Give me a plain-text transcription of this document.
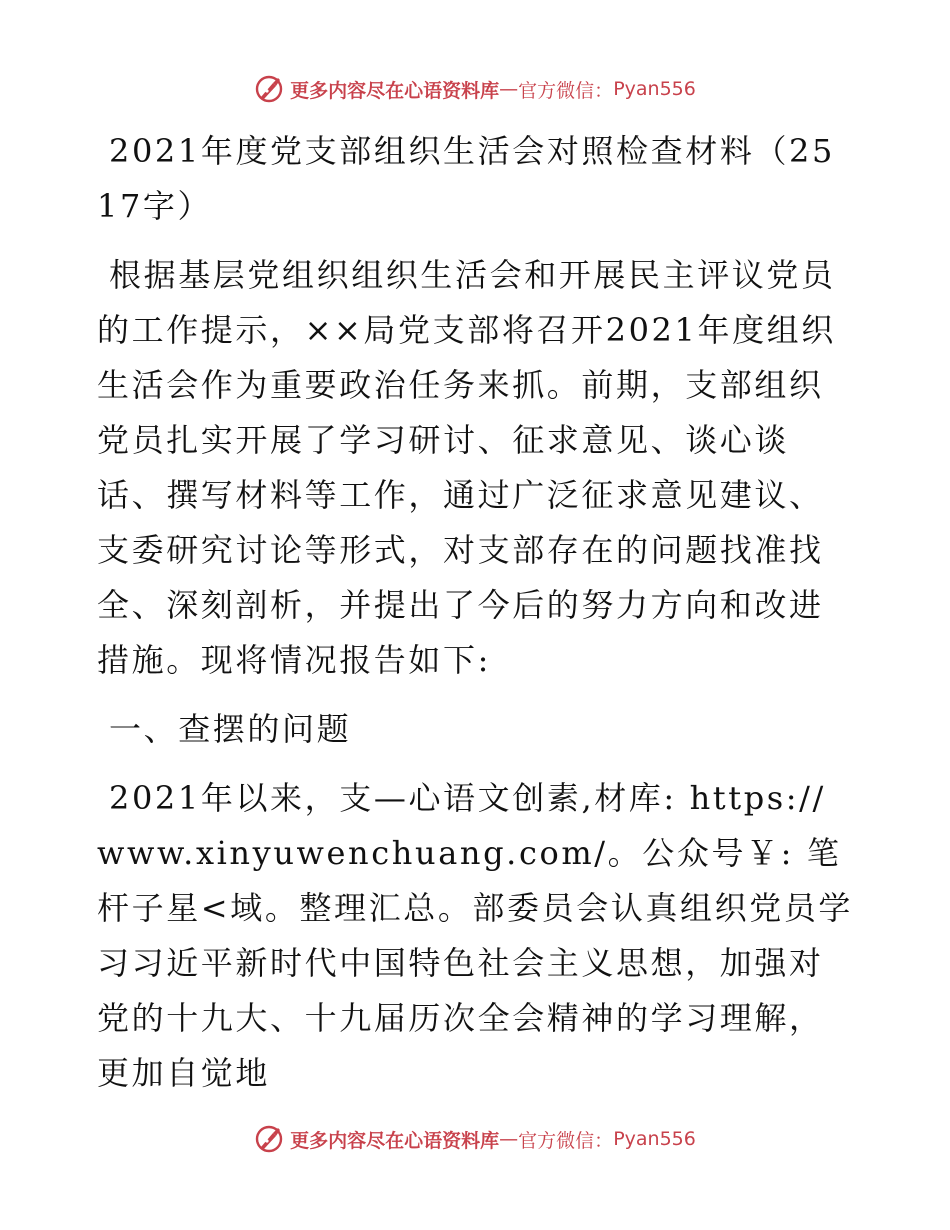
更多内容尽在心语资料库 — 官方微信： Pyan556

2021年度党支部组织生活会对照检查材料（2517字）

根据基层党组织组织生活会和开展民主评议党员的工作提示，××局党支部将召开2021年度组织生活会作为重要政治任务来抓。前期，支部组织党员扎实开展了学习研讨、征求意见、谈心谈话、撰写材料等工作，通过广泛征求意见建议、支委研究讨论等形式，对支部存在的问题找准找全、深刻剖析，并提出了今后的努力方向和改进措施。现将情况报告如下:

一、查摆的问题

2021年以来，支—心语文创素,材库: https://www.xinyuwenchuang.com/。公众号￥: 笔杆子星<域。整理汇总。部委员会认真组织党员学习习近平新时代中国特色社会主义思想，加强对党的十九大、十九届历次全会精神的学习理解，更加自觉地

更多内容尽在心语资料库 — 官方微信： Pyan556
